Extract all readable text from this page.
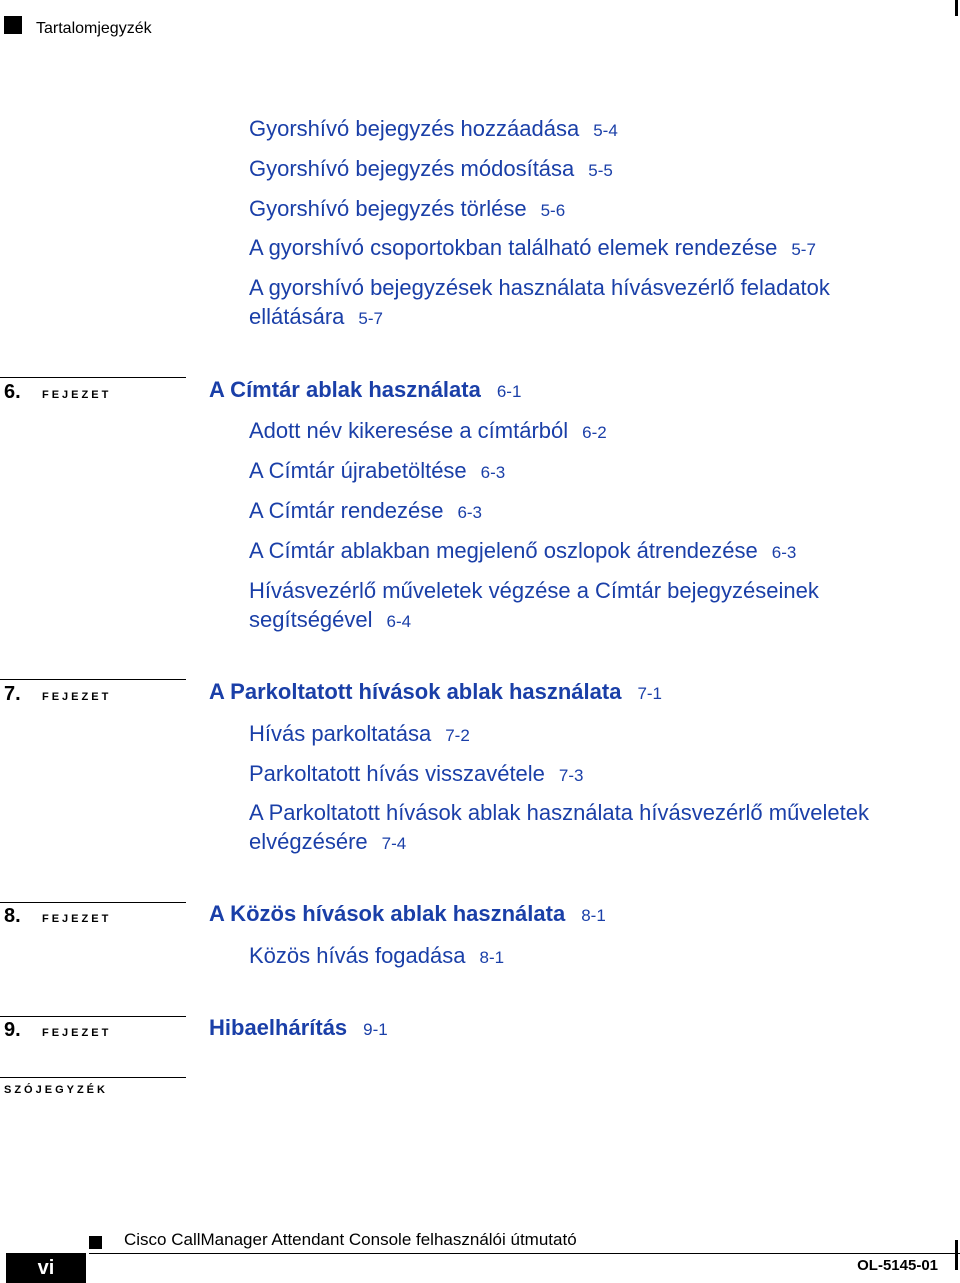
Tartalomjegyzék
Gyorshívó bejegyzés hozzáadása 5-4
Gyorshívó bejegyzés módosítása 5-5
Gyorshívó bejegyzés törlése 5-6
A gyorshívó csoportokban található elemek rendezése 5-7
A gyorshívó bejegyzések használata hívásvezérlő feladatok ellátására 5-7
6. FEJEZET	A Címtár ablak használata 6-1
Adott név kikeresése a címtárból 6-2
A Címtár újrabetöltése 6-3
A Címtár rendezése 6-3
A Címtár ablakban megjelenő oszlopok átrendezése 6-3
Hívásvezérlő műveletek végzése a Címtár bejegyzéseinek segítségével 6-4
7. FEJEZET	A Parkoltatott hívások ablak használata 7-1
Hívás parkoltatása 7-2
Parkoltatott hívás visszavétele 7-3
A Parkoltatott hívások ablak használata hívásvezérlő műveletek elvégzésére 7-4
8. FEJEZET	A Közös hívások ablak használata 8-1
Közös hívás fogadása 8-1
9. FEJEZET	Hibaelhárítás 9-1
SZÓJEGYZÉK
Cisco CallManager Attendant Console felhasználói útmutató
vi	OL-5145-01
